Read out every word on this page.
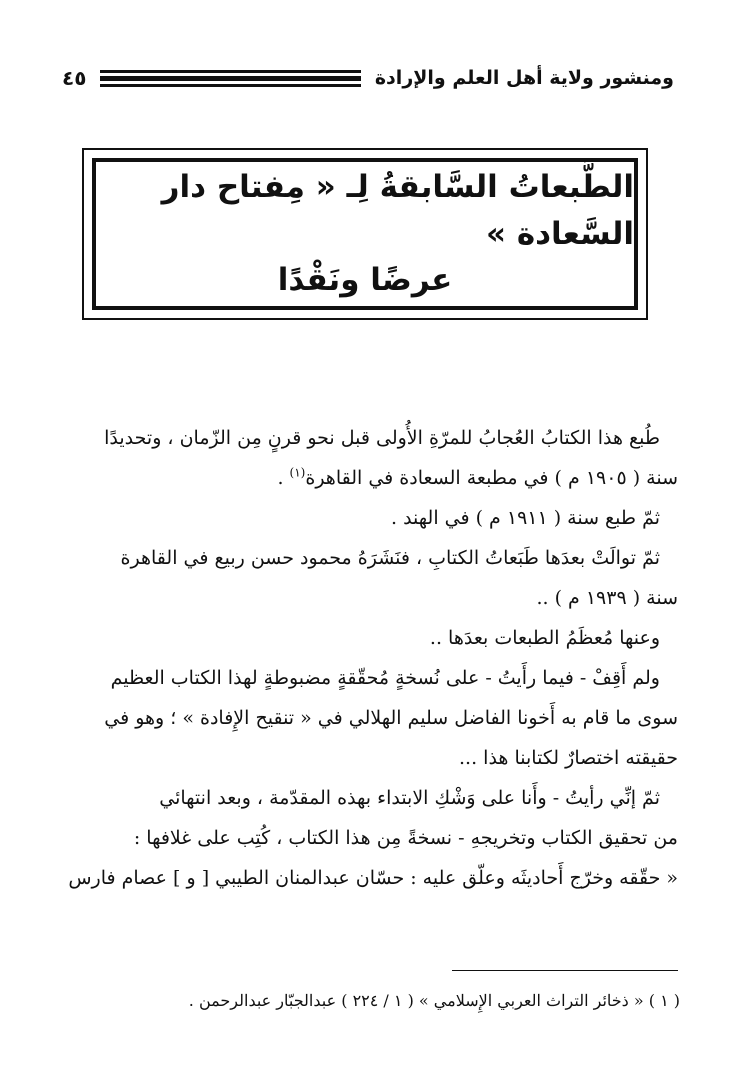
ومنشور ولاية أهل العلم والإرادة
٤٥
الطَّبعاتُ السَّابقةُ لِـ « مِفتاح دار السَّعادة »
عرضًا ونَقْدًا

طُبع هذا الكتابُ العُجابُ للمرّةِ الأُولى قبل نحو قرنٍ مِن الزّمان ، وتحديدًا

سنة ( ١٩٠٥ م ) في مطبعة السعادة في القاهرة$^{(١)}$ .

ثمّ طبع سنة ( ١٩١١ م ) في الهند .

ثمّ توالَتْ بعدَها طَبَعاتُ الكتابِ ، فنَشَرَهُ محمود حسن ربيع في القاهرة

سنة ( ١٩٣٩ م ) ..

وعنها مُعظَمُ الطبعات بعدَها ..

ولم أَقِفْ - فيما رأَيتُ - على نُسخةٍ مُحقّقةٍ مضبوطةٍ لهذا الكتاب العظيم

سوى ما قام به أَخونا الفاضل سليم الهلالي في « تنقيح الإِفادة » ؛ وهو في

حقيقته اختصارٌ لكتابنا هذا ...

ثمّ إنِّي رأيتُ - وأَنا على وَشْكِ الابتداء بهذه المقدّمة ، وبعد انتهائي

من تحقيق الكتاب وتخريجهِ - نسخةً مِن هذا الكتاب ، كُتِب على غلافها :

« حقّقه وخرّج أَحاديثَه وعلّق عليه : حسّان عبدالمنان الطيبي [ و ] عصام فارس

( ١ ) « ذخائر التراث العربي الإِسلامي » ( ١ / ٢٢٤ ) عبدالجبّار عبدالرحمن .
